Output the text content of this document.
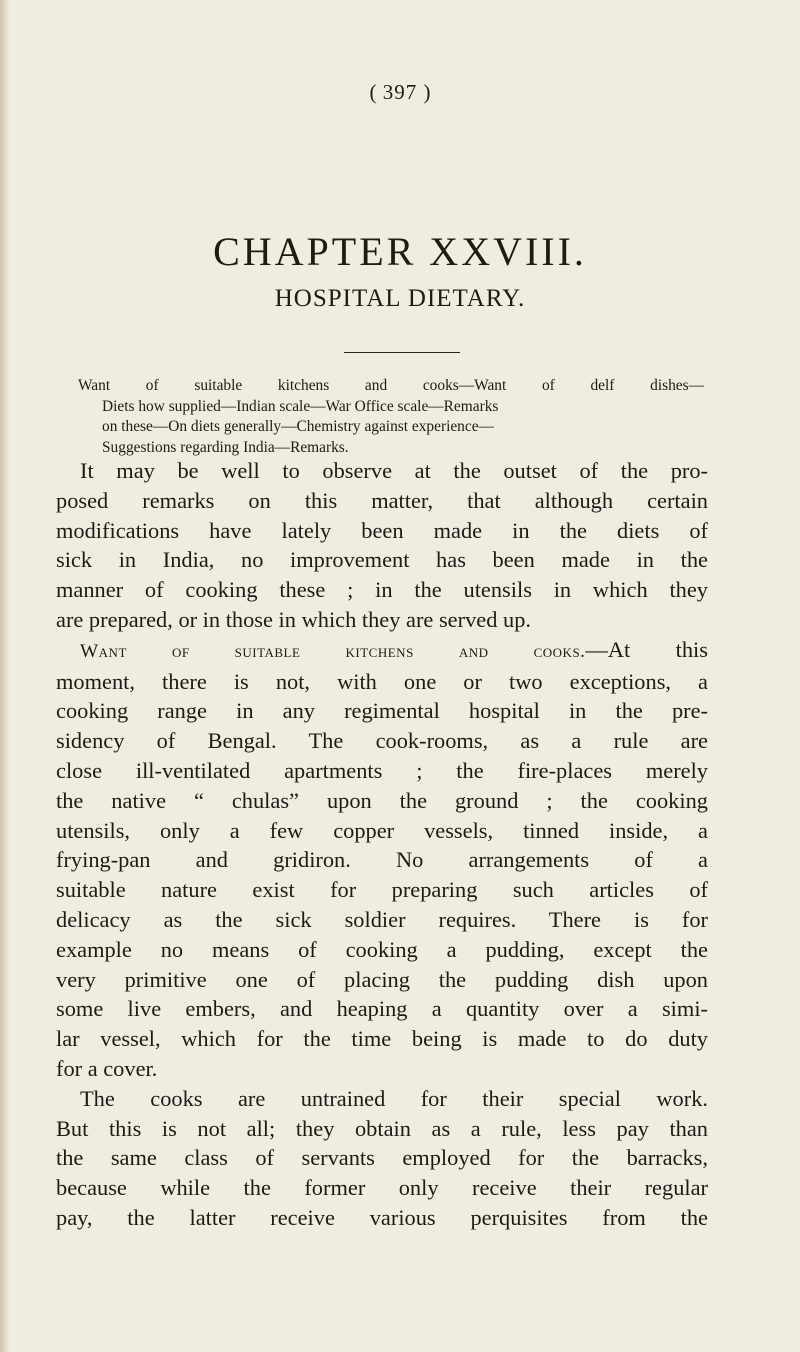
( 397 )
CHAPTER XXVIII.
HOSPITAL DIETARY.

Want of suitable kitchens and cooks—Want of delf dishes—
Diets how supplied—Indian scale—War Office scale—Remarks
on these—On diets generally—Chemistry against experience—
Suggestions regarding India—Remarks.

It may be well to observe at the outset of the pro-
posed remarks on this matter, that although certain
modifications have lately been made in the diets of
sick in India, no improvement has been made in the
manner of cooking these ; in the utensils in which they
are prepared, or in those in which they are served up.
Want of suitable kitchens and cooks.—At this
moment, there is not, with one or two exceptions, a
cooking range in any regimental hospital in the pre-
sidency of Bengal. The cook-rooms, as a rule are
close ill-ventilated apartments ; the fire-places merely
the native “ chulas” upon the ground ; the cooking
utensils, only a few copper vessels, tinned inside, a
frying-pan and gridiron. No arrangements of a
suitable nature exist for preparing such articles of
delicacy as the sick soldier requires. There is for
example no means of cooking a pudding, except the
very primitive one of placing the pudding dish upon
some live embers, and heaping a quantity over a simi-
lar vessel, which for the time being is made to do duty
for a cover.
The cooks are untrained for their special work.
But this is not all; they obtain as a rule, less pay than
the same class of servants employed for the barracks,
because while the former only receive their regular
pay, the latter receive various perquisites from the
